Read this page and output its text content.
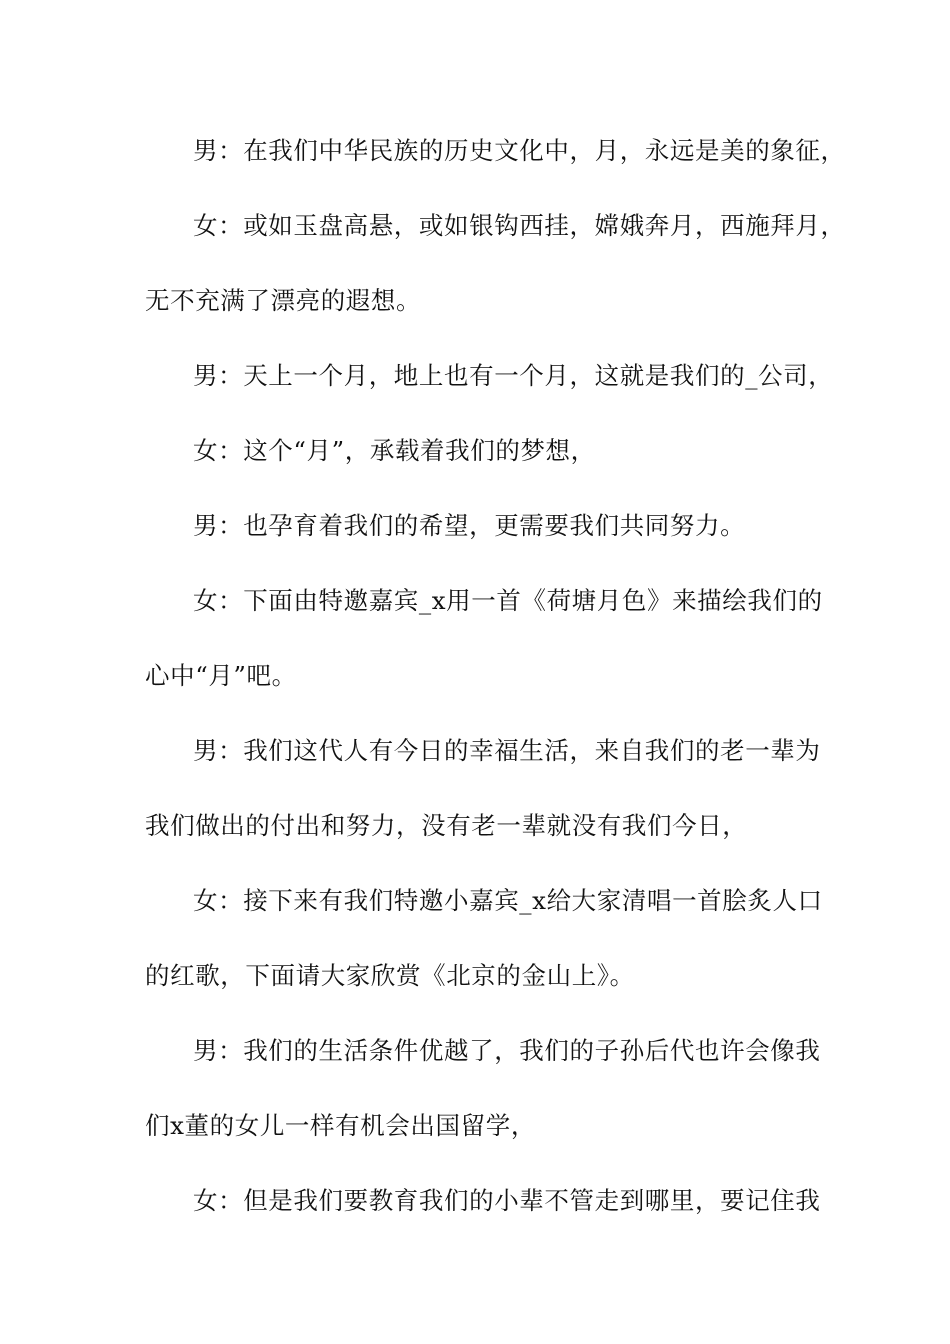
男：在我们中华民族的历史文化中，月，永远是美的象征，
女：或如玉盘高悬，或如银钩西挂，嫦娥奔月，西施拜月，
无不充满了漂亮的遐想。
男：天上一个月，地上也有一个月，这就是我们的_公司，
女：这个“月”，承载着我们的梦想，
男：也孕育着我们的希望，更需要我们共同努力。
女：下面由特邀嘉宾_x用一首《荷塘月色》来描绘我们的
心中“月”吧。
男：我们这代人有今日的幸福生活，来自我们的老一辈为
我们做出的付出和努力，没有老一辈就没有我们今日，
女：接下来有我们特邀小嘉宾_x给大家清唱一首脍炙人口
的红歌，下面请大家欣赏《北京的金山上》。
男：我们的生活条件优越了，我们的子孙后代也许会像我
们x董的女儿一样有机会出国留学，
女：但是我们要教育我们的小辈不管走到哪里，要记住我
